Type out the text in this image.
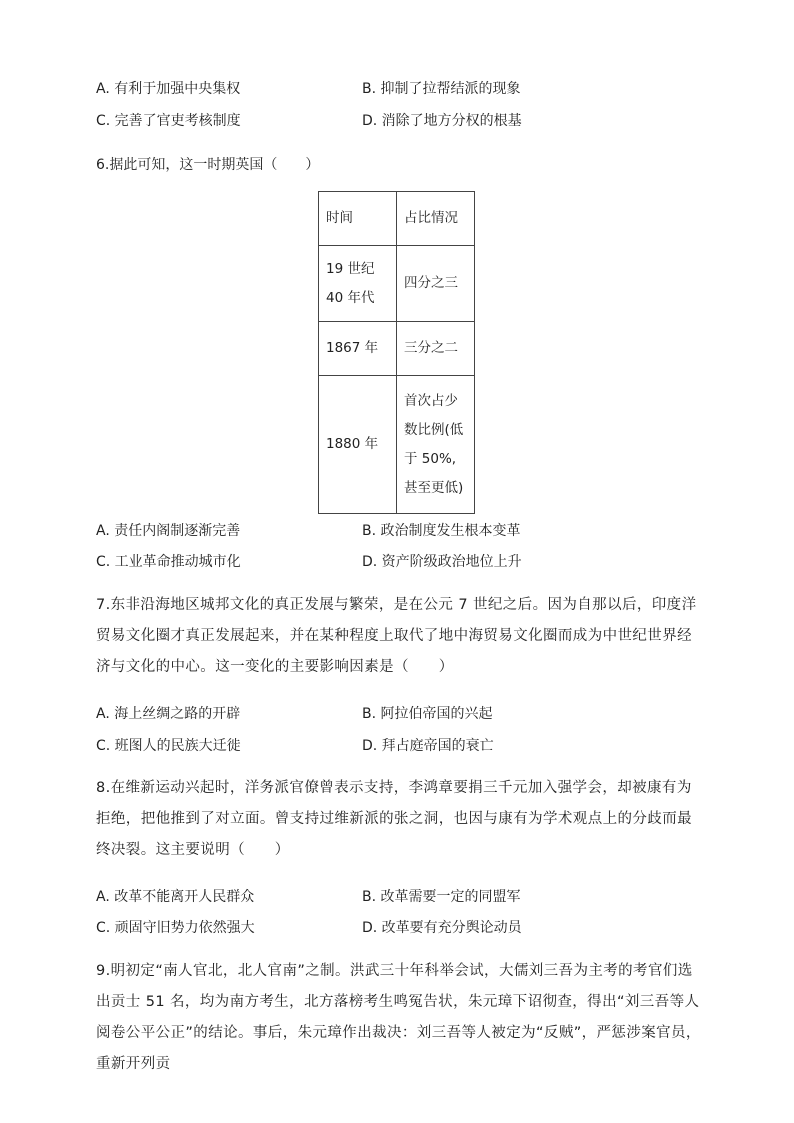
A. 有利于加强中央集权	B. 抑制了拉帮结派的现象
C. 完善了官吏考核制度	D. 消除了地方分权的根基
6.据此可知，这一时期英国（　　）
时间	占比情况
19 世纪 40 年代	四分之三
1867 年	三分之二
1880 年	首次占少数比例(低于 50%,甚至更低)
A. 责任内阁制逐渐完善	B. 政治制度发生根本变革
C. 工业革命推动城市化	D. 资产阶级政治地位上升
7.东非沿海地区城邦文化的真正发展与繁荣，是在公元 7 世纪之后。因为自那以后，印度洋贸易文化圈才真正发展起来，并在某种程度上取代了地中海贸易文化圈而成为中世纪世界经济与文化的中心。这一变化的主要影响因素是（　　）
A. 海上丝绸之路的开辟	B. 阿拉伯帝国的兴起
C. 班图人的民族大迁徙	D. 拜占庭帝国的衰亡
8.在维新运动兴起时，洋务派官僚曾表示支持，李鸿章要捐三千元加入强学会，却被康有为拒绝，把他推到了对立面。曾支持过维新派的张之洞，也因与康有为学术观点上的分歧而最终决裂。这主要说明（　　）
A. 改革不能离开人民群众	B. 改革需要一定的同盟军
C. 顽固守旧势力依然强大	D. 改革要有充分舆论动员
9.明初定“南人官北，北人官南”之制。洪武三十年科举会试，大儒刘三吾为主考的考官们选出贡士 51 名，均为南方考生，北方落榜考生鸣冤告状，朱元璋下诏彻查，得出“刘三吾等人阅卷公平公正”的结论。事后，朱元璋作出裁决：刘三吾等人被定为“反贼”，严惩涉案官员，重新开列贡
